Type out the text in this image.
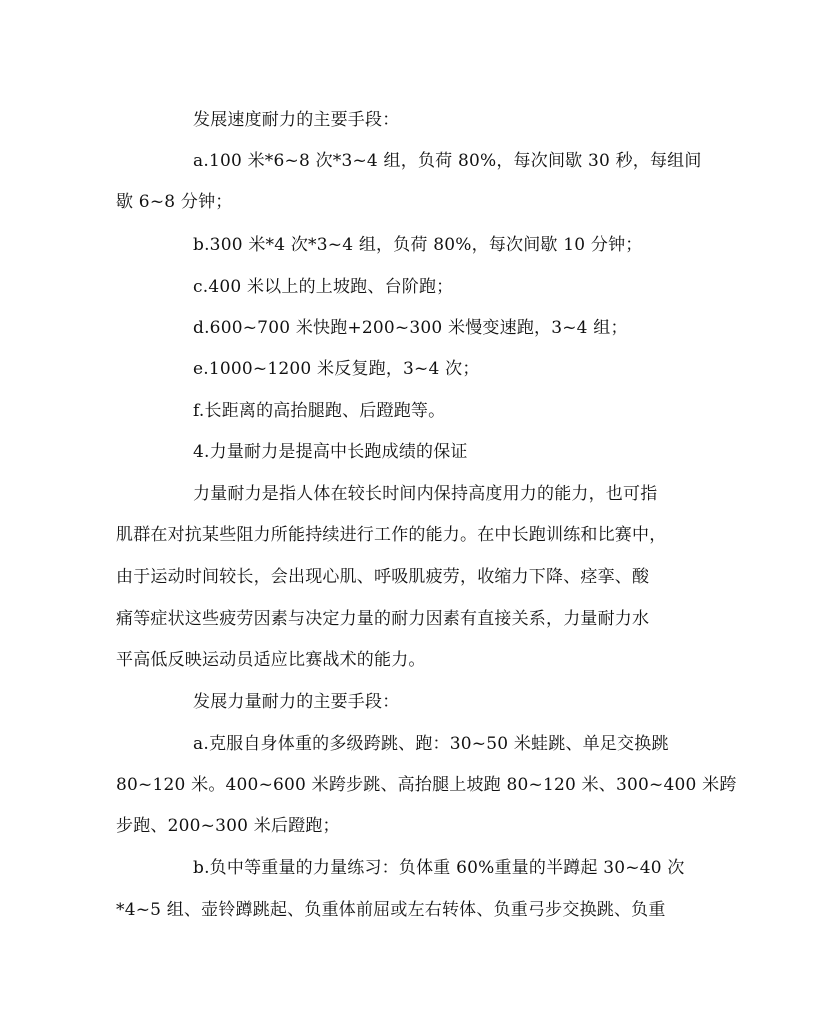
发展速度耐力的主要手段：
a.100 米*6~8 次*3~4 组，负荷 80%，每次间歇 30 秒，每组间
歇 6~8 分钟；
b.300 米*4 次*3~4 组，负荷 80%，每次间歇 10 分钟；
c.400 米以上的上坡跑、台阶跑；
d.600~700 米快跑+200~300 米慢变速跑，3~4 组；
e.1000~1200 米反复跑，3~4 次；
f.长距离的高抬腿跑、后蹬跑等。
4.力量耐力是提高中长跑成绩的保证
力量耐力是指人体在较长时间内保持高度用力的能力，也可指
肌群在对抗某些阻力所能持续进行工作的能力。在中长跑训练和比赛中，
由于运动时间较长，会出现心肌、呼吸肌疲劳，收缩力下降、痉挛、酸
痛等症状这些疲劳因素与决定力量的耐力因素有直接关系，力量耐力水
平高低反映运动员适应比赛战术的能力。
发展力量耐力的主要手段：
a.克服自身体重的多级跨跳、跑：30~50 米蛙跳、单足交换跳
80~120 米。400~600 米跨步跳、高抬腿上坡跑 80~120 米、300~400 米跨
步跑、200~300 米后蹬跑；
b.负中等重量的力量练习：负体重 60%重量的半蹲起 30~40 次
*4~5 组、壶铃蹲跳起、负重体前屈或左右转体、负重弓步交换跳、负重
